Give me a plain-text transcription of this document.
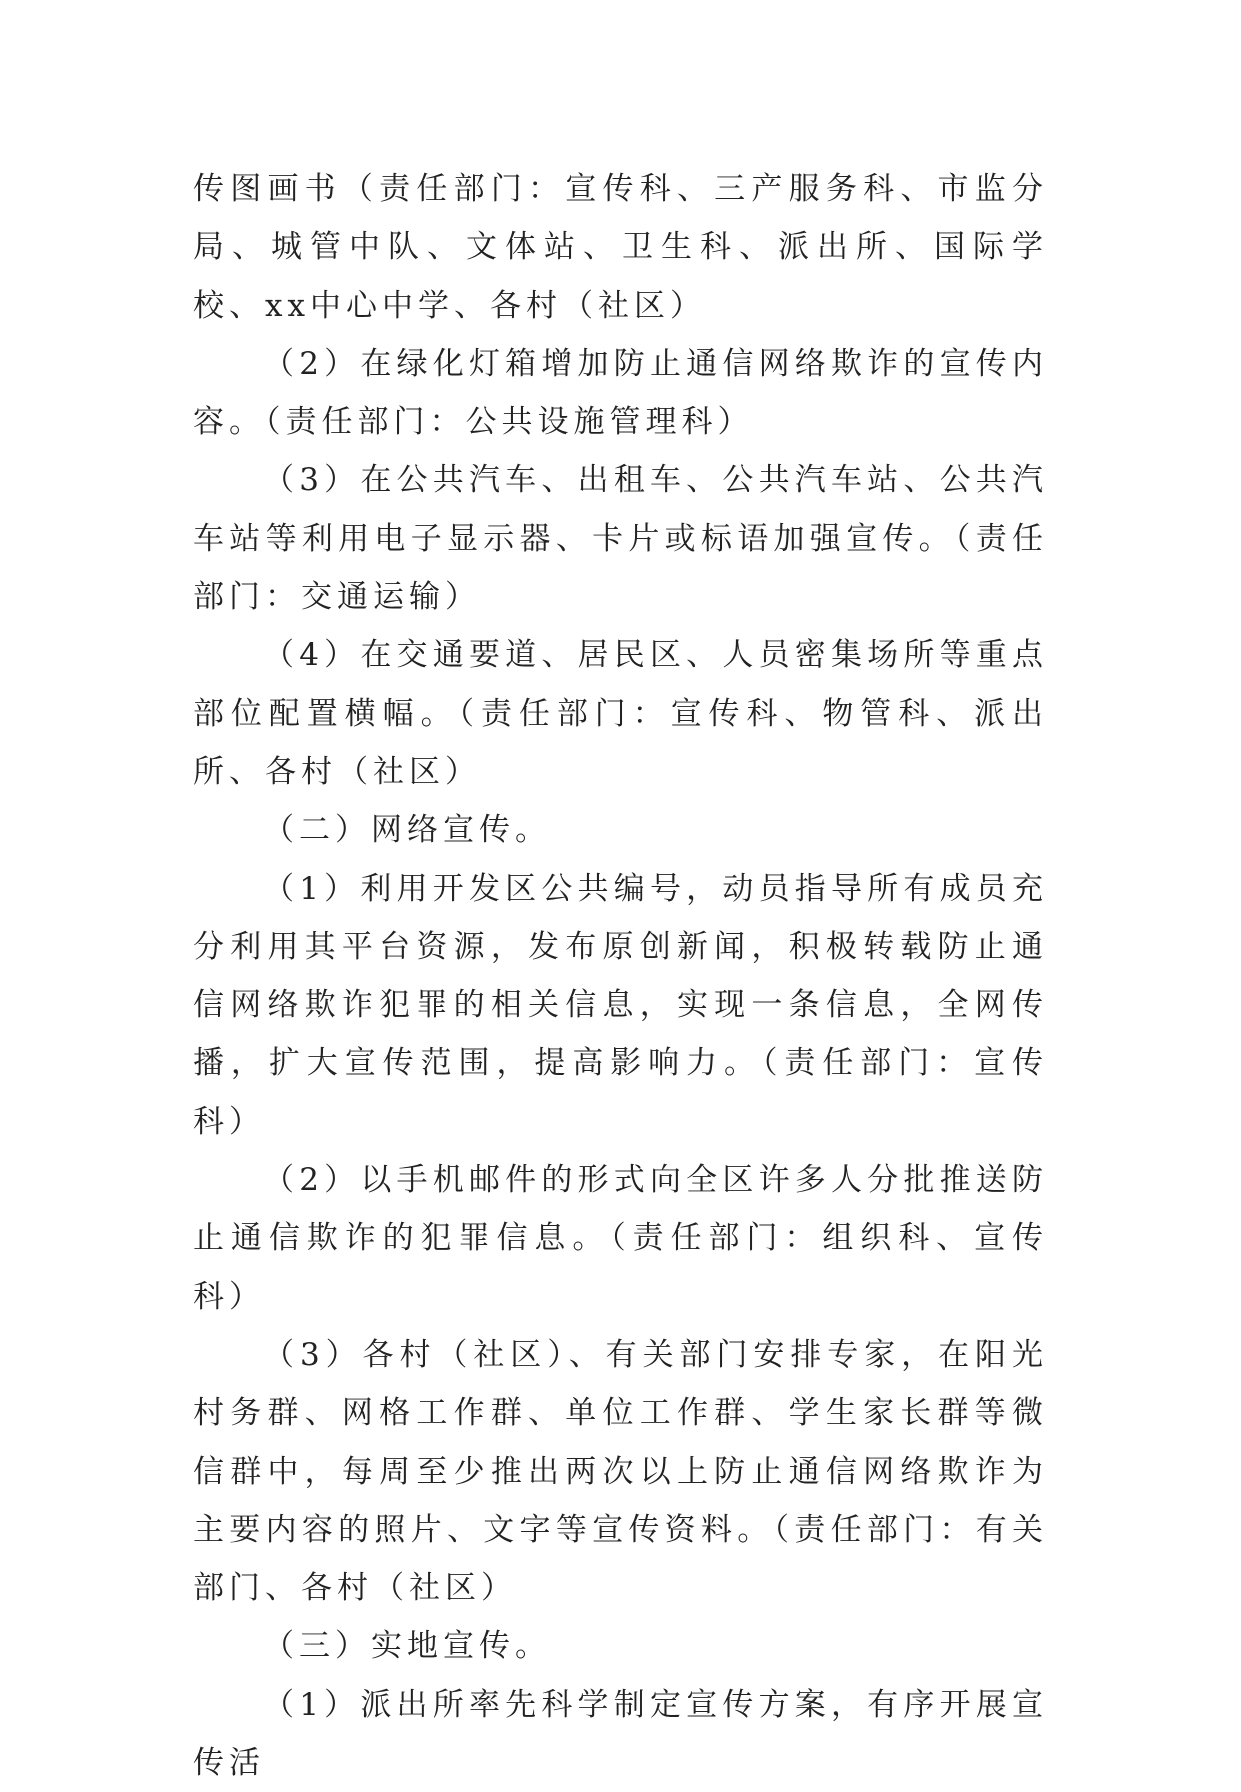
传图画书（责任部门：宣传科、三产服务科、市监分局、城管中队、文体站、卫生科、派出所、国际学校、xx中心中学、各村（社区）

（2）在绿化灯箱增加防止通信网络欺诈的宣传内容。（责任部门：公共设施管理科）

（3）在公共汽车、出租车、公共汽车站、公共汽车站等利用电子显示器、卡片或标语加强宣传。（责任部门：交通运输）

（4）在交通要道、居民区、人员密集场所等重点部位配置横幅。（责任部门：宣传科、物管科、派出所、各村（社区）

（二）网络宣传。

（1）利用开发区公共编号，动员指导所有成员充分利用其平台资源，发布原创新闻，积极转载防止通信网络欺诈犯罪的相关信息，实现一条信息，全网传播，扩大宣传范围，提高影响力。（责任部门：宣传科）

（2）以手机邮件的形式向全区许多人分批推送防止通信欺诈的犯罪信息。（责任部门：组织科、宣传科）

（3）各村（社区）、有关部门安排专家，在阳光村务群、网格工作群、单位工作群、学生家长群等微信群中，每周至少推出两次以上防止通信网络欺诈为主要内容的照片、文字等宣传资料。（责任部门：有关部门、各村（社区）

（三）实地宣传。

（1）派出所率先科学制定宣传方案，有序开展宣传活
